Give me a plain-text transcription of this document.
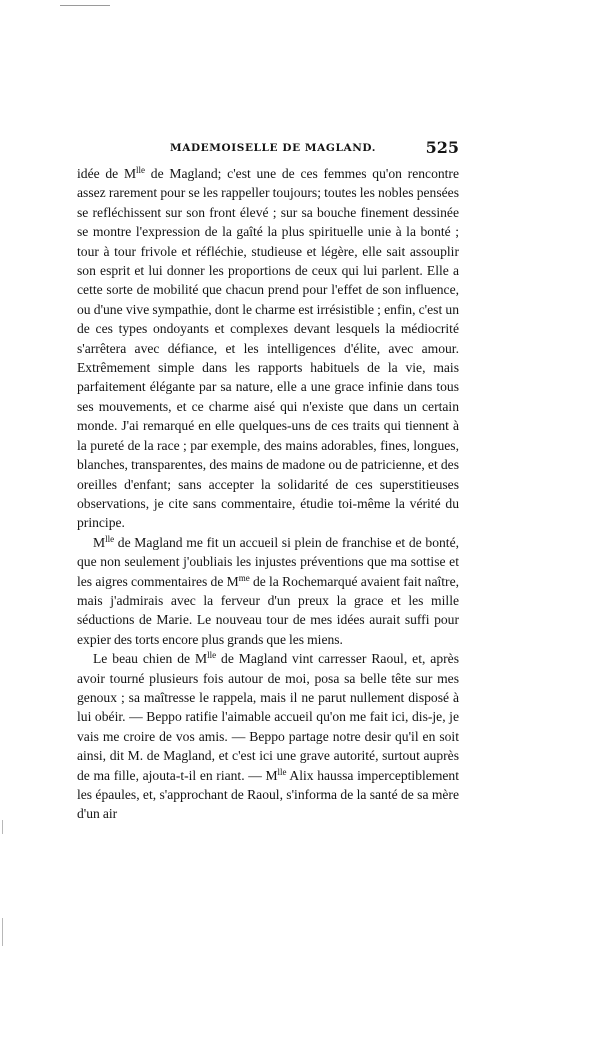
MADEMOISELLE DE MAGLAND.	525

idée de $M^{lle}$ de Magland; c'est une de ces femmes qu'on rencontre assez rarement pour se les rappeller toujours; toutes les nobles pensées se refléchissent sur son front élevé ; sur sa bouche finement dessinée se montre l'expression de la gaîté la plus spirituelle unie à la bonté ; tour à tour frivole et réfléchie, studieuse et légère, elle sait assouplir son esprit et lui donner les proportions de ceux qui lui parlent. Elle a cette sorte de mobilité que chacun prend pour l'effet de son influence, ou d'une vive sympathie, dont le charme est irrésistible ; enfin, c'est un de ces types ondoyants et complexes devant lesquels la médiocrité s'arrêtera avec défiance, et les intelligences d'élite, avec amour. Extrêmement simple dans les rapports habituels de la vie, mais parfaitement élégante par sa nature, elle a une grace infinie dans tous ses mouvements, et ce charme aisé qui n'existe que dans un certain monde. J'ai remarqué en elle quelques-uns de ces traits qui tiennent à la pureté de la race ; par exemple, des mains adorables, fines, longues, blanches, transparentes, des mains de madone ou de patricienne, et des oreilles d'enfant; sans accepter la solidarité de ces superstitieuses observations, je cite sans commentaire, étudie toi-même la vérité du principe.

$M^{lle}$ de Magland me fit un accueil si plein de franchise et de bonté, que non seulement j'oubliais les injustes préventions que ma sottise et les aigres commentaires de $M^{me}$ de la Rochemarqué avaient fait naître, mais j'admirais avec la ferveur d'un preux la grace et les mille séductions de Marie. Le nouveau tour de mes idées aurait suffi pour expier des torts encore plus grands que les miens.

Le beau chien de $M^{lle}$ de Magland vint carresser Raoul, et, après avoir tourné plusieurs fois autour de moi, posa sa belle tête sur mes genoux ; sa maîtresse le rappela, mais il ne parut nullement disposé à lui obéir. — Beppo ratifie l'aimable accueil qu'on me fait ici, dis-je, je vais me croire de vos amis. — Beppo partage notre desir qu'il en soit ainsi, dit M. de Magland, et c'est ici une grave autorité, surtout auprès de ma fille, ajouta-t-il en riant. — $M^{lle}$ Alix haussa imperceptiblement les épaules, et, s'approchant de Raoul, s'informa de la santé de sa mère d'un air
